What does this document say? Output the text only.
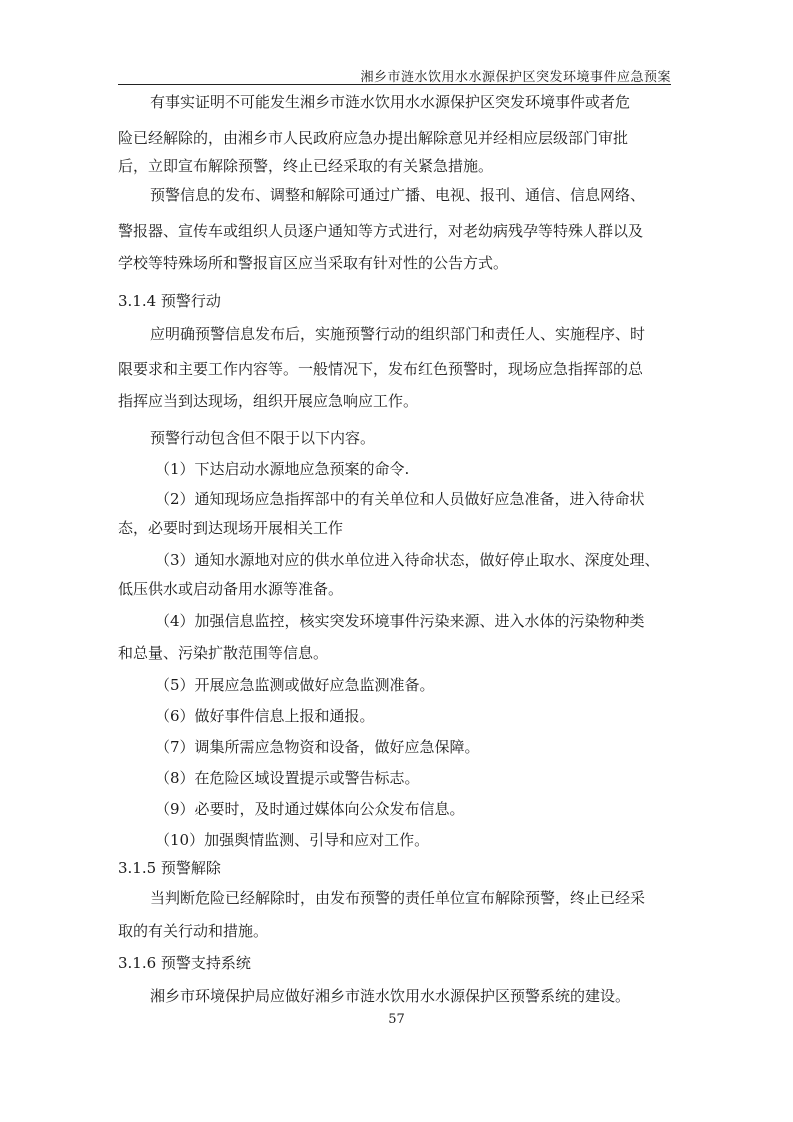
湘乡市涟水饮用水水源保护区突发环境事件应急预案
有事实证明不可能发生湘乡市涟水饮用水水源保护区突发环境事件或者危
险已经解除的，由湘乡市人民政府应急办提出解除意见并经相应层级部门审批
后，立即宣布解除预警，终止已经采取的有关紧急措施。
预警信息的发布、调整和解除可通过广播、电视、报刊、通信、信息网络、
警报器、宣传车或组织人员逐户通知等方式进行，对老幼病残孕等特殊人群以及
学校等特殊场所和警报盲区应当采取有针对性的公告方式。
3.1.4 预警行动
应明确预警信息发布后，实施预警行动的组织部门和责任人、实施程序、时
限要求和主要工作内容等。一般情况下，发布红色预警时，现场应急指挥部的总
指挥应当到达现场，组织开展应急响应工作。
预警行动包含但不限于以下内容。
（1）下达启动水源地应急预案的命令.
（2）通知现场应急指挥部中的有关单位和人员做好应急准备，进入待命状
态，必要时到达现场开展相关工作
（3）通知水源地对应的供水单位进入待命状态，做好停止取水、深度处理、
低压供水或启动备用水源等准备。
（4）加强信息监控，核实突发环境事件污染来源、进入水体的污染物种类
和总量、污染扩散范围等信息。
（5）开展应急监测或做好应急监测准备。
（6）做好事件信息上报和通报。
（7）调集所需应急物资和设备，做好应急保障。
（8）在危险区域设置提示或警告标志。
（9）必要时，及时通过媒体向公众发布信息。
（10）加强舆情监测、引导和应对工作。
3.1.5 预警解除
当判断危险已经解除时，由发布预警的责任单位宣布解除预警，终止已经采
取的有关行动和措施。
3.1.6 预警支持系统
湘乡市环境保护局应做好湘乡市涟水饮用水水源保护区预警系统的建设。
57
